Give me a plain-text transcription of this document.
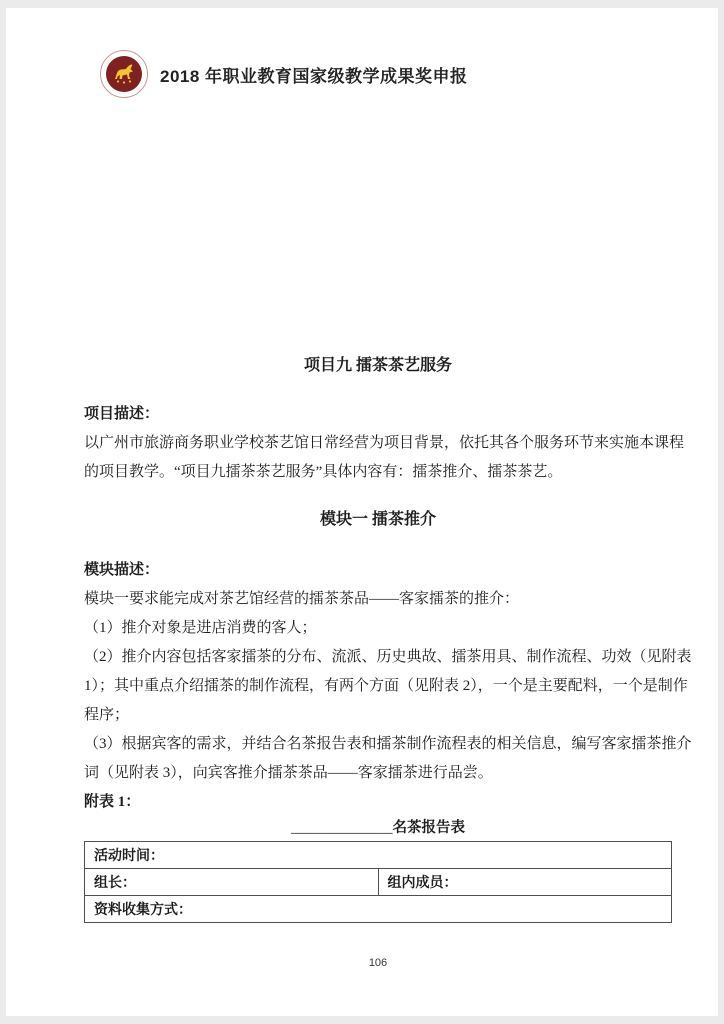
2018 年职业教育国家级教学成果奖申报
项目九 擂茶茶艺服务
项目描述：
以广州市旅游商务职业学校茶艺馆日常经营为项目背景，依托其各个服务环节来实施本课程
的项目教学。“项目九擂茶茶艺服务”具体内容有：擂茶推介、擂茶茶艺。
模块一 擂茶推介
模块描述：
模块一要求能完成对茶艺馆经营的擂茶茶品——客家擂茶的推介：
（1）推介对象是进店消费的客人；
（2）推介内容包括客家擂茶的分布、流派、历史典故、擂茶用具、制作流程、功效（见附表
1）；其中重点介绍擂茶的制作流程，有两个方面（见附表 2），一个是主要配料，一个是制作
程序；
（3）根据宾客的需求，并结合名茶报告表和擂茶制作流程表的相关信息，编写客家擂茶推介
词（见附表 3），向宾客推介擂茶茶品——客家擂茶进行品尝。
附表 1：
______________名茶报告表
活动时间：
组长：	组内成员：
资料收集方式：
106
